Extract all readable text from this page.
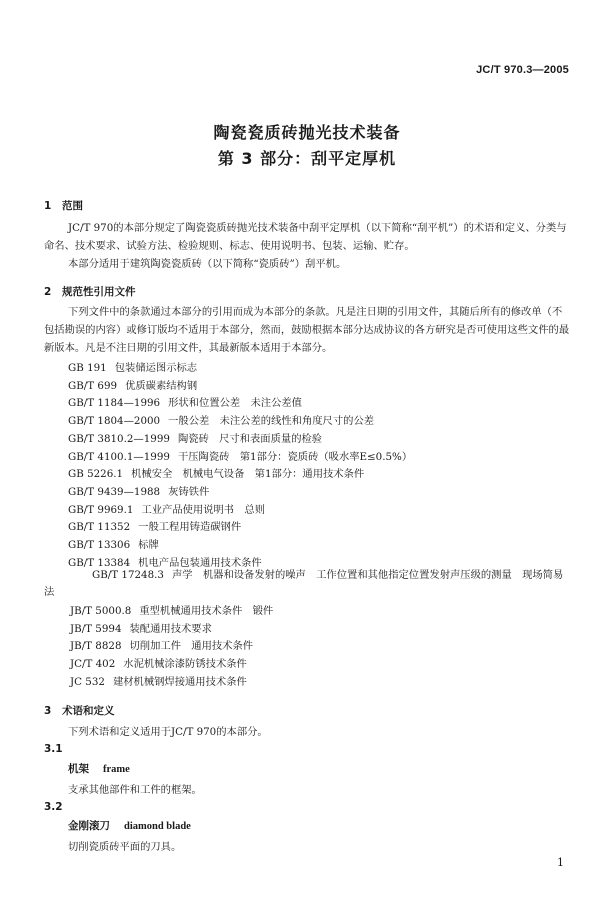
JC/T 970.3—2005
陶瓷瓷质砖抛光技术装备
第 3 部分：刮平定厚机
1 范围
JC/T 970的本部分规定了陶瓷瓷质砖抛光技术装备中刮平定厚机（以下简称“刮平机”）的术语和定义、分类与命名、技术要求、试验方法、检验规则、标志、使用说明书、包装、运输、贮存。
本部分适用于建筑陶瓷瓷质砖（以下简称“瓷质砖”）刮平机。
2 规范性引用文件
下列文件中的条款通过本部分的引用而成为本部分的条款。凡是注日期的引用文件，其随后所有的修改单（不包括勘误的内容）或修订版均不适用于本部分，然而，鼓励根据本部分达成协议的各方研究是否可使用这些文件的最新版本。凡是不注日期的引用文件，其最新版本适用于本部分。
GB 191 包装储运图示标志
GB/T 699 优质碳素结构钢
GB/T 1184—1996 形状和位置公差　未注公差值
GB/T 1804—2000 一般公差　未注公差的线性和角度尺寸的公差
GB/T 3810.2—1999 陶瓷砖　尺寸和表面质量的检验
GB/T 4100.1—1999 干压陶瓷砖　第1部分：瓷质砖（吸水率E≤0.5%）
GB 5226.1 机械安全　机械电气设备　第1部分：通用技术条件
GB/T 9439—1988 灰铸铁件
GB/T 9969.1 工业产品使用说明书　总则
GB/T 11352 一般工程用铸造碳钢件
GB/T 13306 标牌
GB/T 13384 机电产品包装通用技术条件
GB/T 17248.3 声学　机器和设备发射的噪声　工作位置和其他指定位置发射声压级的测量　现场简易法
JB/T 5000.8 重型机械通用技术条件　锻件
JB/T 5994 装配通用技术要求
JB/T 8828 切削加工件　通用技术条件
JC/T 402 水泥机械涂漆防锈技术条件
JC 532 建材机械钢焊接通用技术条件
3 术语和定义
下列术语和定义适用于JC/T 970的本部分。
3.1
机架 frame
支承其他部件和工件的框架。
3.2
金刚滚刀 diamond blade
切削瓷质砖平面的刀具。
1
